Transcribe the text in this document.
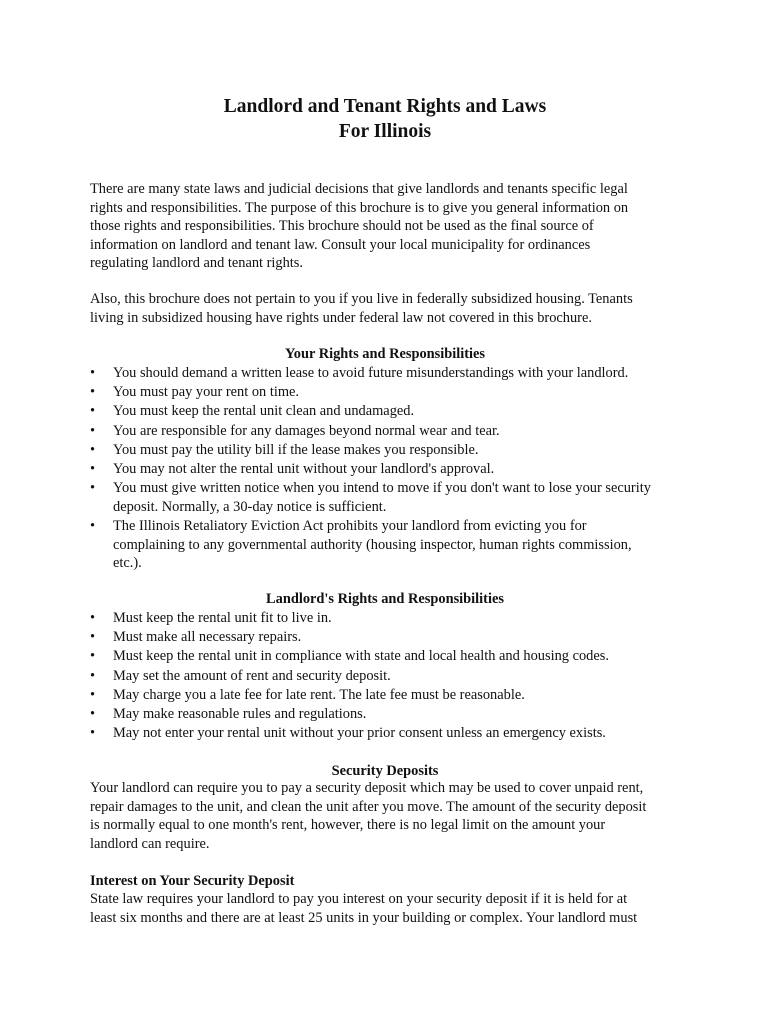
Landlord and Tenant Rights and Laws
For Illinois
There are many state laws and judicial decisions that give landlords and tenants specific legal
rights and responsibilities. The purpose of this brochure is to give you general information on
those rights and responsibilities. This brochure should not be used as the final source of
information on landlord and tenant law. Consult your local municipality for ordinances
regulating landlord and tenant rights.
Also, this brochure does not pertain to you if you live in federally subsidized housing. Tenants
living in subsidized housing have rights under federal law not covered in this brochure.
Your Rights and Responsibilities
•	You should demand a written lease to avoid future misunderstandings with your landlord.
•	You must pay your rent on time.
•	You must keep the rental unit clean and undamaged.
•	You are responsible for any damages beyond normal wear and tear.
•	You must pay the utility bill if the lease makes you responsible.
•	You may not alter the rental unit without your landlord's approval.
•	You must give written notice when you intend to move if you don't want to lose your security
deposit. Normally, a 30-day notice is sufficient.
•	The Illinois Retaliatory Eviction Act prohibits your landlord from evicting you for
complaining to any governmental authority (housing inspector, human rights commission,
etc.).
Landlord's Rights and Responsibilities
•	Must keep the rental unit fit to live in.
•	Must make all necessary repairs.
•	Must keep the rental unit in compliance with state and local health and housing codes.
•	May set the amount of rent and security deposit.
•	May charge you a late fee for late rent. The late fee must be reasonable.
•	May make reasonable rules and regulations.
•	May not enter your rental unit without your prior consent unless an emergency exists.
Security Deposits
Your landlord can require you to pay a security deposit which may be used to cover unpaid rent,
repair damages to the unit, and clean the unit after you move. The amount of the security deposit
is normally equal to one month's rent, however, there is no legal limit on the amount your
landlord can require.
Interest on Your Security Deposit
State law requires your landlord to pay you interest on your security deposit if it is held for at
least six months and there are at least 25 units in your building or complex. Your landlord must
